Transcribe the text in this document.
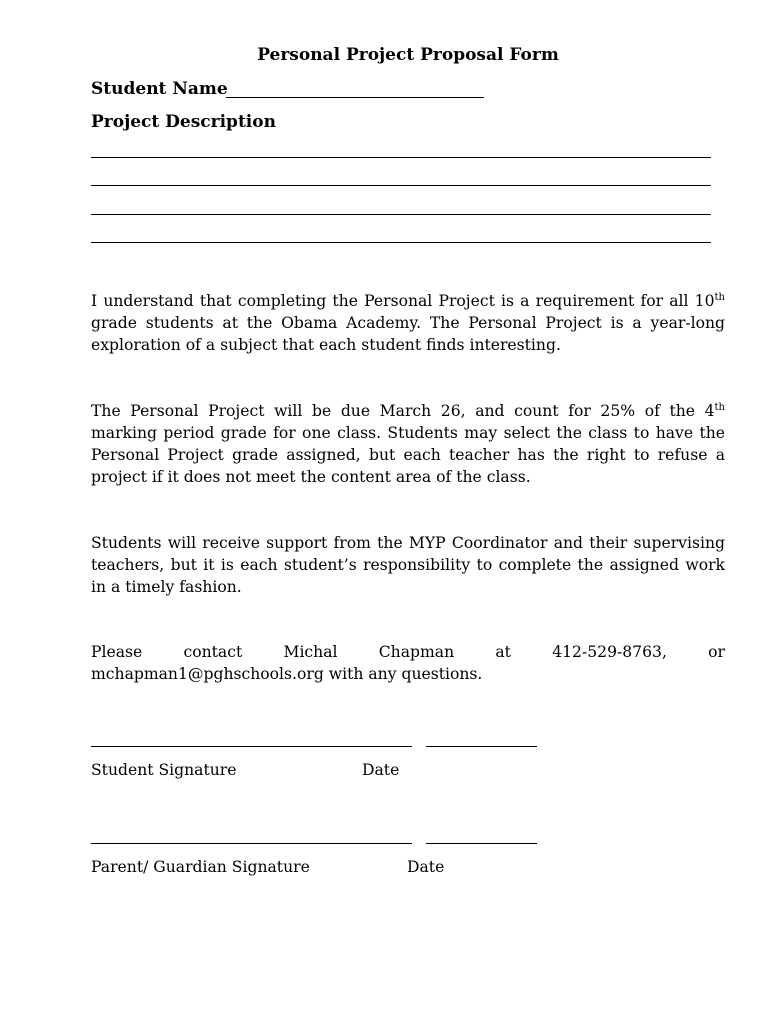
Personal Project Proposal Form
Student Name
Project Description
I understand that completing the Personal Project is a requirement for all 10th grade students at the Obama Academy. The Personal Project is a year-long exploration of a subject that each student finds interesting.
The Personal Project will be due March 26, and count for 25% of the 4th marking period grade for one class. Students may select the class to have the Personal Project grade assigned, but each teacher has the right to refuse a project if it does not meet the content area of the class.
Students will receive support from the MYP Coordinator and their supervising teachers, but it is each student’s responsibility to complete the assigned work in a timely fashion.
Please contact Michal Chapman at 412-529-8763, or mchapman1@pghschools.org with any questions.
Student Signature	Date
Parent/ Guardian Signature	Date
